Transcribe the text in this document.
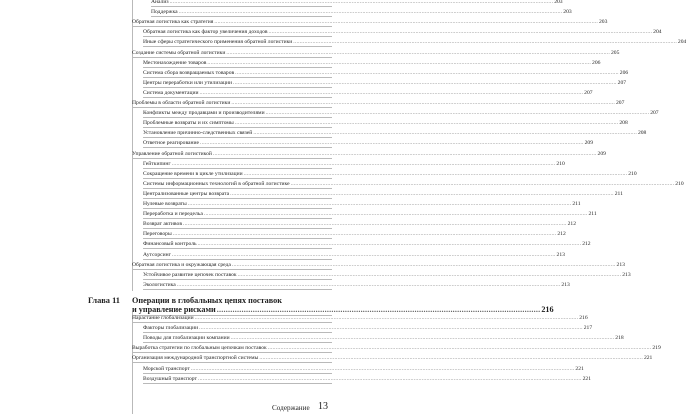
Глава 11 Операции в глобальных цепях поставок
и управление рисками ................................................................................................................................................ 216
Анализ ................................................................................................................................................................................................................................................ 203
Поддержка ................................................................................................................................................................................................................................................ 203
Обратная логистика как стратегия ................................................................................................................................................................................................................................................ 203
Обратная логистика как фактор увеличения доходов ................................................................................................................................................................................................................................................ 204
Иные сферы стратегического применения обратной логистики ................................................................................................................................................................................................................................................ 204
Создание системы обратной логистики ................................................................................................................................................................................................................................................ 205
Местонахождение товаров ................................................................................................................................................................................................................................................ 206
Система сбора возвращаемых товаров ................................................................................................................................................................................................................................................ 206
Центры переработки или утилизации ................................................................................................................................................................................................................................................ 207
Система документации ................................................................................................................................................................................................................................................ 207
Проблемы в области обратной логистики ................................................................................................................................................................................................................................................ 207
Конфликты между продавцами и производителями ................................................................................................................................................................................................................................................ 207
Проблемные возвраты и их симптомы ................................................................................................................................................................................................................................................ 208
Установление причинно-следственных связей ................................................................................................................................................................................................................................................ 208
Ответное реагирование ................................................................................................................................................................................................................................................ 209
Управление обратной логистикой ................................................................................................................................................................................................................................................ 209
Гейткипинг ................................................................................................................................................................................................................................................ 210
Сокращение времени в цикле утилизации ................................................................................................................................................................................................................................................ 210
Системы информационных технологий в обратной логистике ................................................................................................................................................................................................................................................ 210
Централизованные центры возврата ................................................................................................................................................................................................................................................ 211
Нулевые возвраты ................................................................................................................................................................................................................................................ 211
Переработка и передельа ................................................................................................................................................................................................................................................ 211
Возврат активов ................................................................................................................................................................................................................................................ 212
Переговоры ................................................................................................................................................................................................................................................ 212
Финансовый контроль ................................................................................................................................................................................................................................................ 212
Аутсорсинг ................................................................................................................................................................................................................................................ 213
Обратная логистика и окружающая среда ................................................................................................................................................................................................................................................ 213
Устойчивое развитие цепочек поставок ................................................................................................................................................................................................................................................ 213
Экологистика ................................................................................................................................................................................................................................................ 213
Нарастание глобализации ................................................................................................................................................................................................................................................ 216
Факторы глобализации ................................................................................................................................................................................................................................................ 217
Поводы для глобализации компании ................................................................................................................................................................................................................................................ 218
Выработка стратегии по глобальным цепочкам поставок ................................................................................................................................................................................................................................................ 219
Организация международной транспортной системы ................................................................................................................................................................................................................................................ 221
Морской транспорт ................................................................................................................................................................................................................................................ 221
Воздушный транспорт ................................................................................................................................................................................................................................................ 221
Содержание 13
